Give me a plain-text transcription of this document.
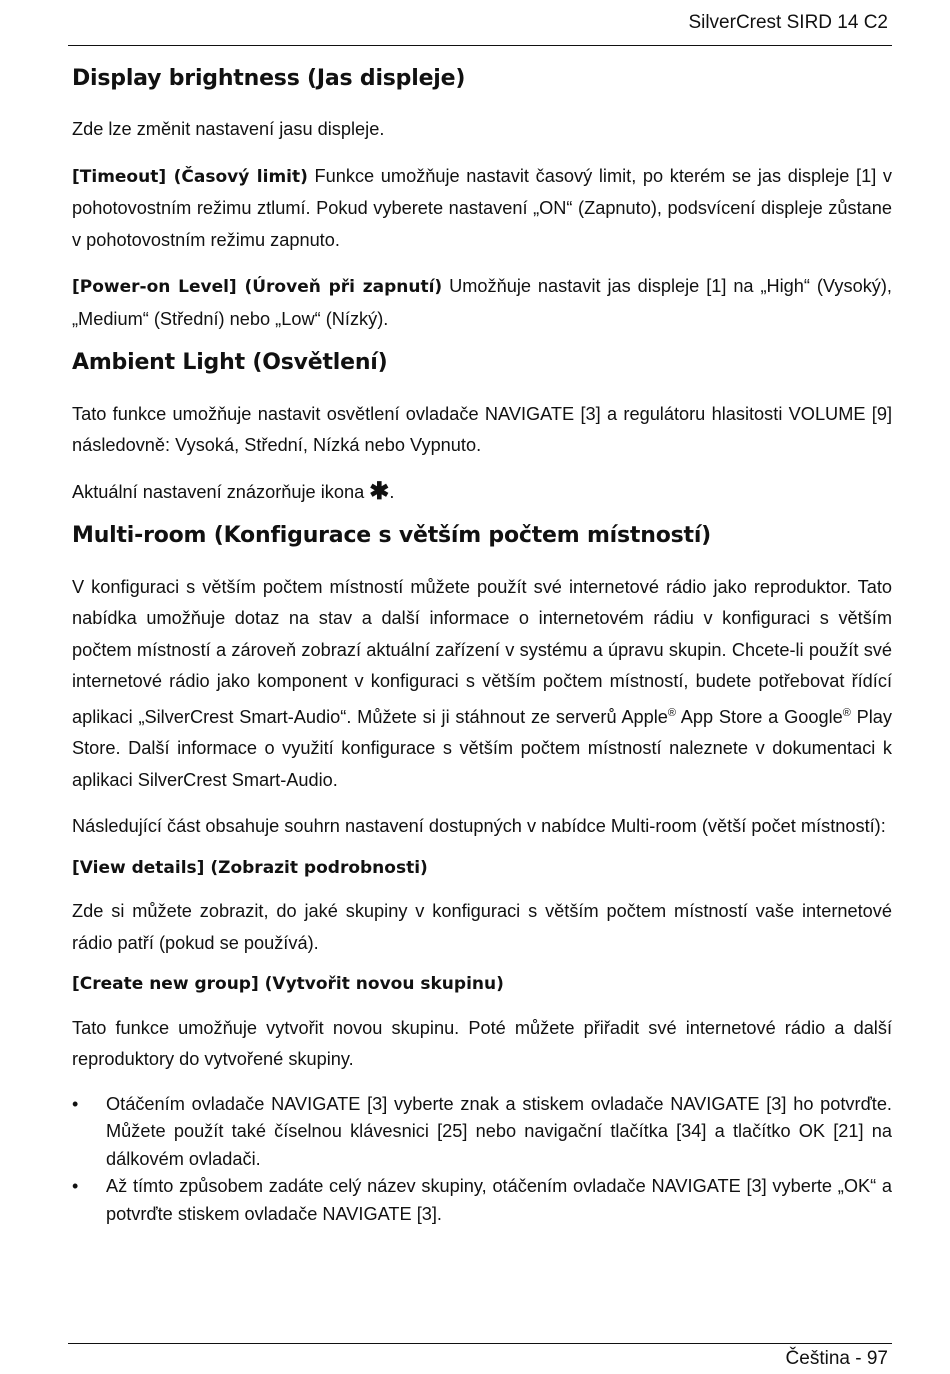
SilverCrest SIRD 14 C2
Display brightness (Jas displeje)

Zde lze změnit nastavení jasu displeje.

[Timeout] (Časový limit) Funkce umožňuje nastavit časový limit, po kterém se jas displeje [1] v pohotovostním režimu ztlumí. Pokud vyberete nastavení „ON“ (Zapnuto), podsvícení displeje zůstane v pohotovostním režimu zapnuto.

[Power-on Level] (Úroveň při zapnutí) Umožňuje nastavit jas displeje [1] na „High“ (Vysoký), „Medium“ (Střední) nebo „Low“ (Nízký).

Ambient Light (Osvětlení)

Tato funkce umožňuje nastavit osvětlení ovladače NAVIGATE [3] a regulátoru hlasitosti VOLUME [9] následovně: Vysoká, Střední, Nízká nebo Vypnuto.

Aktuální nastavení znázorňuje ikona ✱.

Multi-room (Konfigurace s větším počtem místností)

V konfiguraci s větším počtem místností můžete použít své internetové rádio jako reproduktor. Tato nabídka umožňuje dotaz na stav a další informace o internetovém rádiu v konfiguraci s větším počtem místností a zároveň zobrazí aktuální zařízení v systému a úpravu skupin. Chcete-li použít své internetové rádio jako komponent v konfiguraci s větším počtem místností, budete potřebovat řídící aplikaci „SilverCrest Smart-Audio“. Můžete si ji stáhnout ze serverů Apple® App Store a Google® Play Store. Další informace o využití konfigurace s větším počtem místností naleznete v dokumentaci k aplikaci SilverCrest Smart-Audio.

Následující část obsahuje souhrn nastavení dostupných v nabídce Multi-room (větší počet místností):

[View details] (Zobrazit podrobnosti)

Zde si můžete zobrazit, do jaké skupiny v konfiguraci s větším počtem místností vaše internetové rádio patří (pokud se používá).

[Create new group] (Vytvořit novou skupinu)

Tato funkce umožňuje vytvořit novou skupinu. Poté můžete přiřadit své internetové rádio a další reproduktory do vytvořené skupiny.

• Otáčením ovladače NAVIGATE [3] vyberte znak a stiskem ovladače NAVIGATE [3] ho potvrďte. Můžete použít také číselnou klávesnici [25] nebo navigační tlačítka [34] a tlačítko OK [21] na dálkovém ovladači.
• Až tímto způsobem zadáte celý název skupiny, otáčením ovladače NAVIGATE [3] vyberte „OK“ a potvrďte stiskem ovladače NAVIGATE [3].
Čeština - 97
